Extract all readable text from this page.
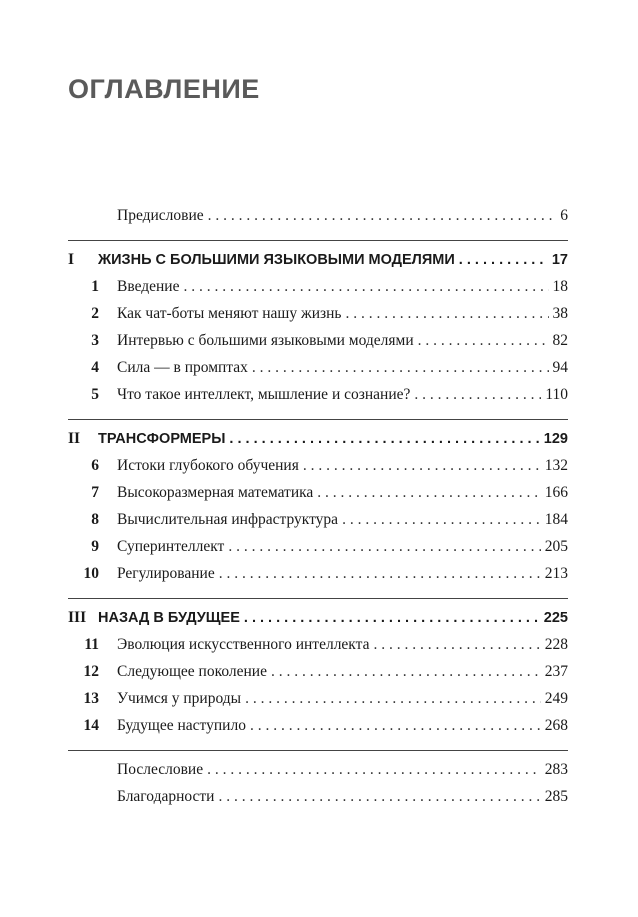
ОГЛАВЛЕНИЕ
Предисловие . . .	6
I	ЖИЗНЬ С БОЛЬШИМИ ЯЗЫКОВЫМИ МОДЕЛЯМИ . . .	17
1	Введение . . .	18
2	Как чат-боты меняют нашу жизнь . . .	38
3	Интервью с большими языковыми моделями . . .	82
4	Сила — в промптах . . .	94
5	Что такое интеллект, мышление и сознание? . . .	110
II	ТРАНСФОРМЕРЫ . . .	129
6	Истоки глубокого обучения . . .	132
7	Высокоразмерная математика . . .	166
8	Вычислительная инфраструктура . . .	184
9	Суперинтеллект . . .	205
10	Регулирование . . .	213
III НАЗАД В БУДУЩЕЕ . . .	225
11	Эволюция искусственного интеллекта . . .	228
12	Следующее поколение . . .	237
13	Учимся у природы . . .	249
14	Будущее наступило . . .	268
Послесловие . . .	283
Благодарности . . .	285
